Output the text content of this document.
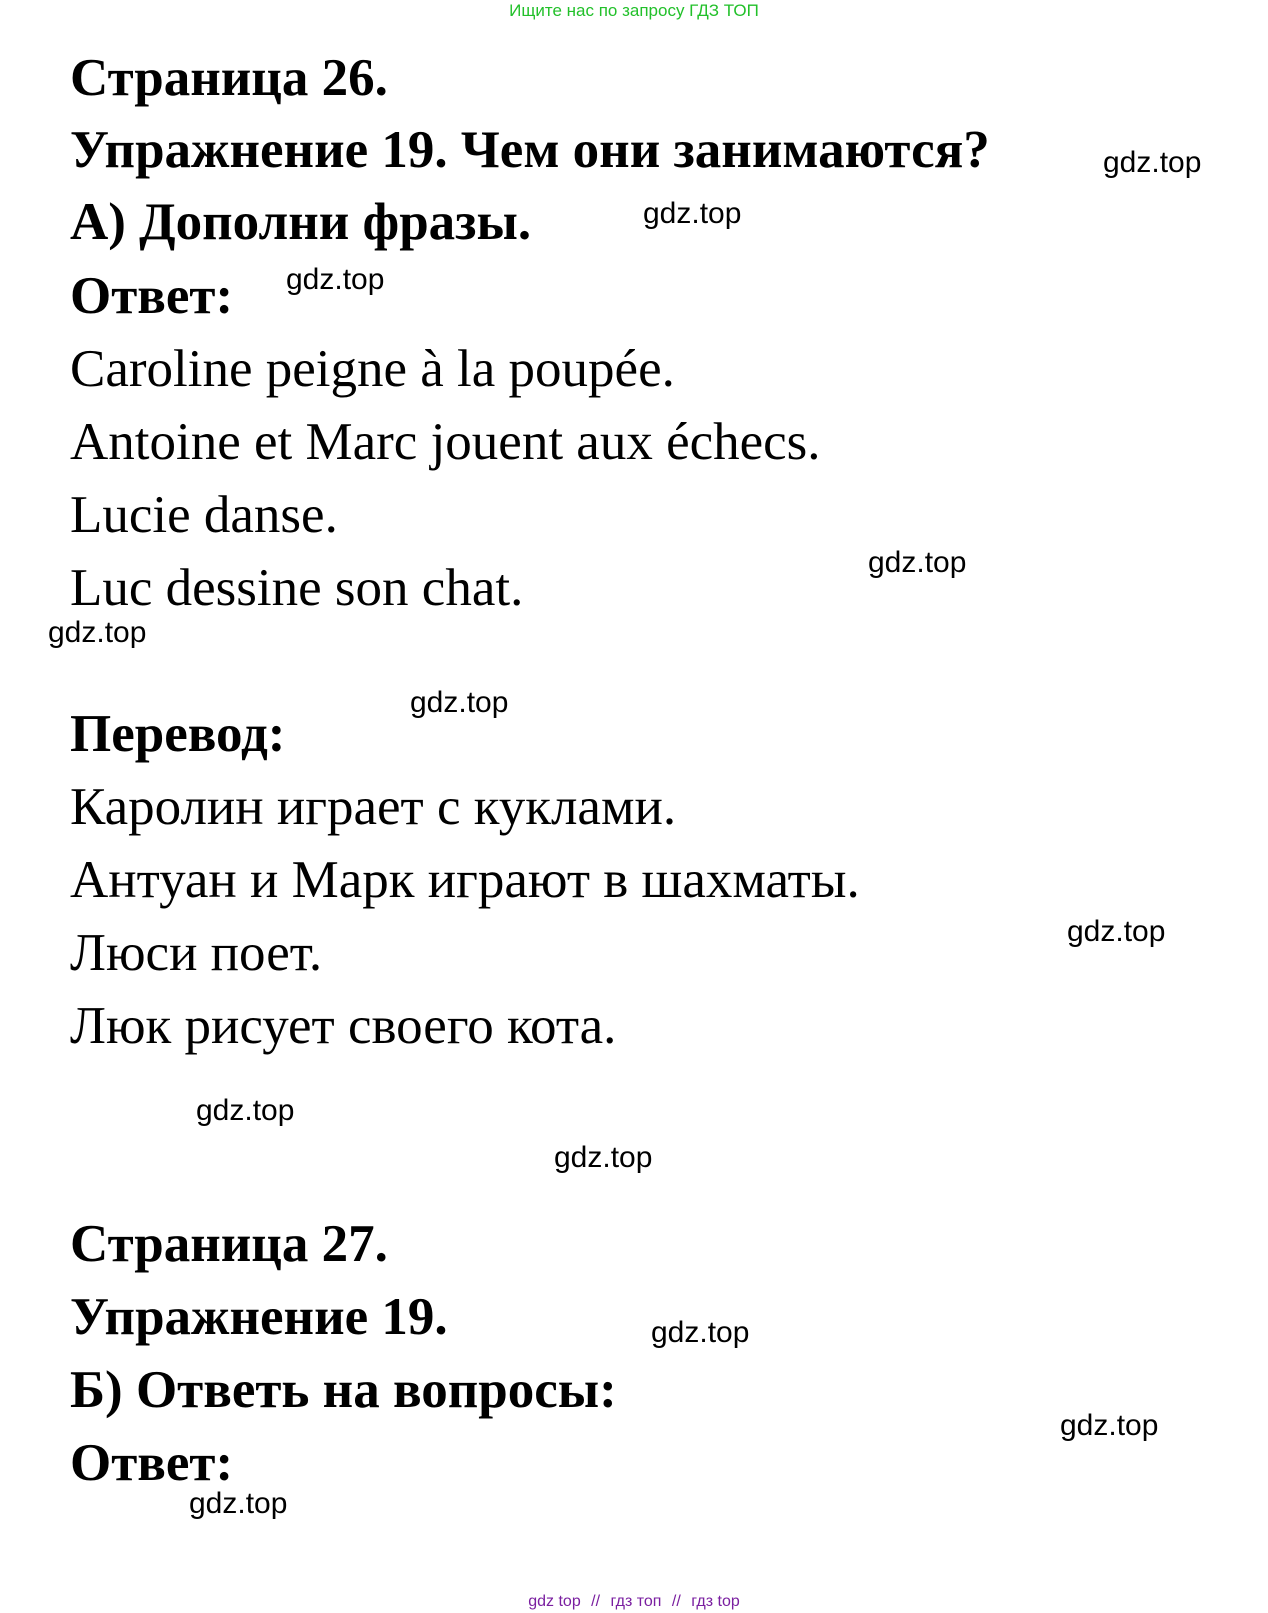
Ищите нас по запросу ГДЗ ТОП
Страница 26.
Упражнение 19. Чем они занимаются?
А) Дополни фразы.
Ответ:
Caroline peigne à la poupée.
Antoine et Marc jouent aux échecs.
Lucie danse.
Luc dessine son chat.
Перевод:
Каролин играет с куклами.
Антуан и Марк играют в шахматы.
Люси поет.
Люк рисует своего кота.
Страница 27.
Упражнение 19.
Б) Ответь на вопросы:
Ответ:
gdz.top
gdz.top
gdz.top
gdz.top
gdz.top
gdz.top
gdz.top
gdz.top
gdz.top
gdz.top
gdz.top
gdz.top
gdz top // гдз топ // гдз top
